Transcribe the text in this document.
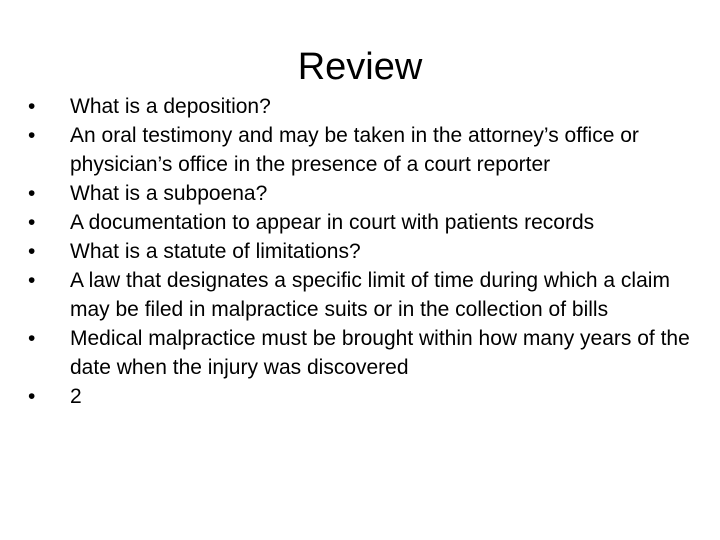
Review
•	What is a deposition?
•	An oral testimony and may be taken in the attorney’s office or physician’s office in the presence of a court reporter
•	What is a subpoena?
•	A documentation to appear in court with patients records
•	What is a statute of limitations?
•	A law that designates a specific limit of time during which a claim may be filed in malpractice suits or in the collection of bills
•	Medical malpractice must be brought within how many years of the date when the injury was discovered
•	2
